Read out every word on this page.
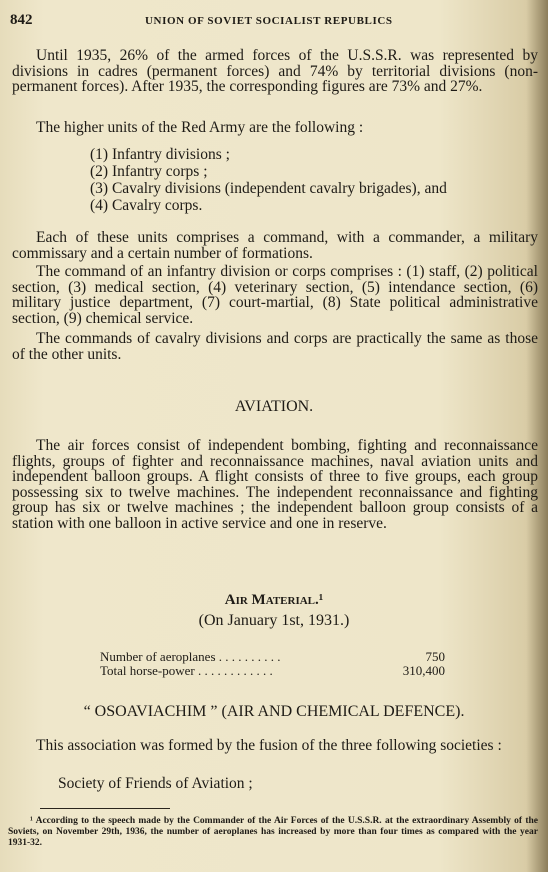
842	UNION OF SOVIET SOCIALIST REPUBLICS

Until 1935, 26% of the armed forces of the U.S.S.R. was represented by divisions in cadres (permanent forces) and 74% by territorial divisions (non-permanent forces). After 1935, the corresponding figures are 73% and 27%.

The higher units of the Red Army are the following :

(1) Infantry divisions ;
(2) Infantry corps ;
(3) Cavalry divisions (independent cavalry brigades), and
(4) Cavalry corps.

Each of these units comprises a command, with a commander, a military commissary and a certain number of formations.

The command of an infantry division or corps comprises : (1) staff, (2) political section, (3) medical section, (4) veterinary section, (5) intendance section, (6) military justice department, (7) court-martial, (8) State political administrative section, (9) chemical service.

The commands of cavalry divisions and corps are practically the same as those of the other units.

AVIATION.

The air forces consist of independent bombing, fighting and reconnaissance flights, groups of fighter and reconnaissance machines, naval aviation units and independent balloon groups. A flight consists of three to five groups, each group possessing six to twelve machines. The independent reconnaissance and fighting group has six or twelve machines ; the independent balloon group consists of a station with one balloon in active service and one in reserve.

Air Material.¹
(On January 1st, 1931.)
Number of aeroplanes . . . . . . . . . .	750
Total horse-power . . . . . . . . . . . .	310,400
“ OSOAVIACHIM ” (AIR AND CHEMICAL DEFENCE).

This association was formed by the fusion of the three following societies :

Society of Friends of Aviation ;

¹ According to the speech made by the Commander of the Air Forces of the U.S.S.R. at the extraordinary Assembly of the Soviets, on November 29th, 1936, the number of aeroplanes has increased by more than four times as compared with the year 1931-32.
